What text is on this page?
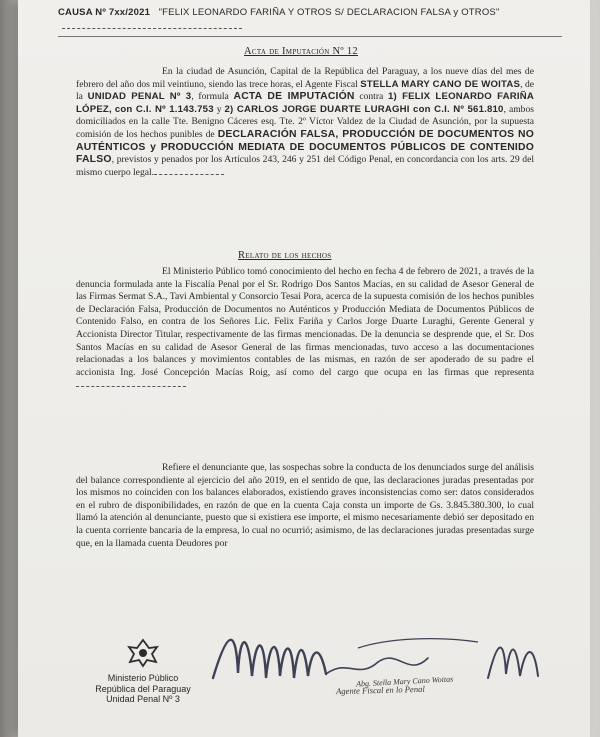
CAUSA Nº 7xx/2021 "FELIX LEONARDO FARIÑA Y OTROS S/ DECLARACION FALSA y OTROS"
Acta de Imputación Nº 12
En la ciudad de Asunción, Capital de la República del Paraguay, a los nueve días del mes de febrero del año dos mil veintiuno, siendo las trece horas, el Agente Fiscal STELLA MARY CANO DE WOITAS, de la UNIDAD PENAL Nº 3, formula ACTA DE IMPUTACIÓN contra 1) FELIX LEONARDO FARIÑA LÓPEZ, con C.I. Nº 1.143.753 y 2) CARLOS JORGE DUARTE LURAGHI con C.I. Nº 561.810, ambos domiciliados en la calle Tte. Benigno Cáceres esq. Tte. 2º Víctor Valdez de la Ciudad de Asunción, por la supuesta comisión de los hechos punibles de DECLARACIÓN FALSA, PRODUCCIÓN DE DOCUMENTOS NO AUTÉNTICOS y PRODUCCIÓN MEDIATA DE DOCUMENTOS PÚBLICOS DE CONTENIDO FALSO, previstos y penados por los Artículos 243, 246 y 251 del Código Penal, en concordancia con los arts. 29 del mismo cuerpo legal.
Relato de los hechos
El Ministerio Público tomó conocimiento del hecho en fecha 4 de febrero de 2021, a través de la denuncia formulada ante la Fiscalía Penal por el Sr. Rodrigo Dos Santos Macías, en su calidad de Asesor General de las Firmas Sermat S.A., Tavi Ambiental y Consorcio Tesai Pora, acerca de la supuesta comisión de los hechos punibles de Declaración Falsa, Producción de Documentos no Auténticos y Producción Mediata de Documentos Públicos de Contenido Falso, en contra de los Señores Lic. Felix Fariña y Carlos Jorge Duarte Luraghi, Gerente General y Accionista Director Titular, respectivamente de las firmas mencionadas. De la denuncia se desprende que, el Sr. Dos Santos Macías en su calidad de Asesor General de las firmas mencionadas, tuvo acceso a las documentaciones relacionadas a los balances y movimientos contables de las mismas, en razón de ser apoderado de su padre el accionista Ing. José Concepción Macías Roig, así como del cargo que ocupa en las firmas que representa
Refiere el denunciante que, las sospechas sobre la conducta de los denunciados surge del análisis del balance correspondiente al ejercicio del año 2019, en el sentido de que, las declaraciones juradas presentadas por los mismos no coinciden con los balances elaborados, existiendo graves inconsistencias como ser: datos considerados en el rubro de disponibilidades, en razón de que en la cuenta Caja consta un importe de Gs. 3.845.380.300, lo cual llamó la atención al denunciante, puesto que si existiera ese importe, el mismo necesariamente debió ser depositado en la cuenta corriente bancaria de la empresa, lo cual no ocurrió; asimismo, de las declaraciones juradas presentadas surge que, en la llamada cuenta Deudores por
Ministerio Público
República del Paraguay
Unidad Penal Nº 3
Abg. Stella Mary Cano Woitas
Agente Fiscal en lo Penal
